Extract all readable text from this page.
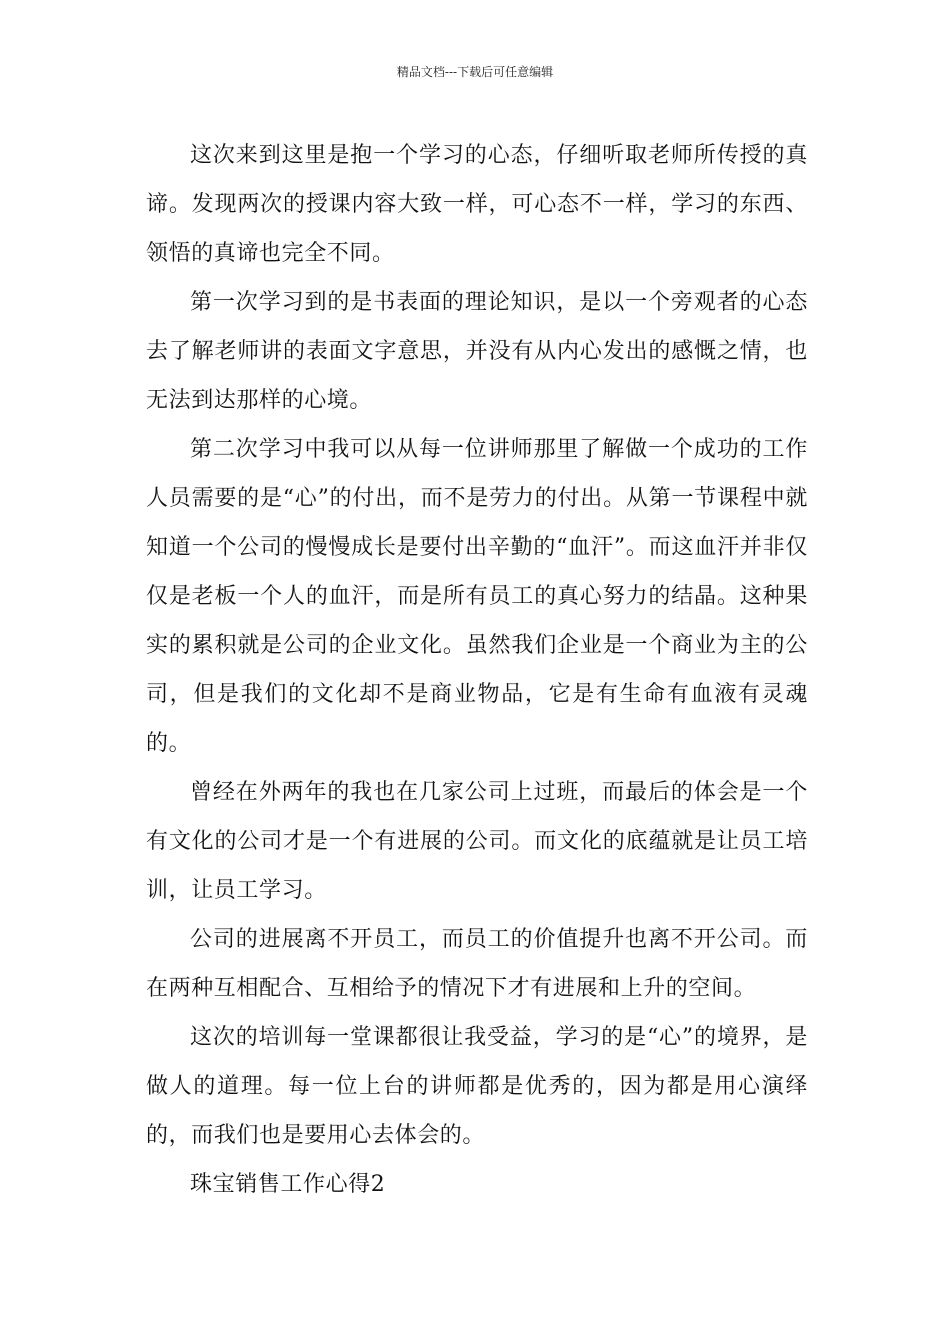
精品文档---下载后可任意编辑

这次来到这里是抱一个学习的心态，仔细听取老师所传授的真谛。发现两次的授课内容大致一样，可心态不一样，学习的东西、领悟的真谛也完全不同。

第一次学习到的是书表面的理论知识，是以一个旁观者的心态去了解老师讲的表面文字意思，并没有从内心发出的感慨之情，也无法到达那样的心境。

第二次学习中我可以从每一位讲师那里了解做一个成功的工作人员需要的是“心”的付出，而不是劳力的付出。从第一节课程中就知道一个公司的慢慢成长是要付出辛勤的“血汗”。而这血汗并非仅仅是老板一个人的血汗，而是所有员工的真心努力的结晶。这种果实的累积就是公司的企业文化。虽然我们企业是一个商业为主的公司，但是我们的文化却不是商业物品，它是有生命有血液有灵魂的。

曾经在外两年的我也在几家公司上过班，而最后的体会是一个有文化的公司才是一个有进展的公司。而文化的底蕴就是让员工培训，让员工学习。

公司的进展离不开员工，而员工的价值提升也离不开公司。而在两种互相配合、互相给予的情况下才有进展和上升的空间。

这次的培训每一堂课都很让我受益，学习的是“心”的境界，是做人的道理。每一位上台的讲师都是优秀的，因为都是用心演绎的，而我们也是要用心去体会的。

珠宝销售工作心得2
